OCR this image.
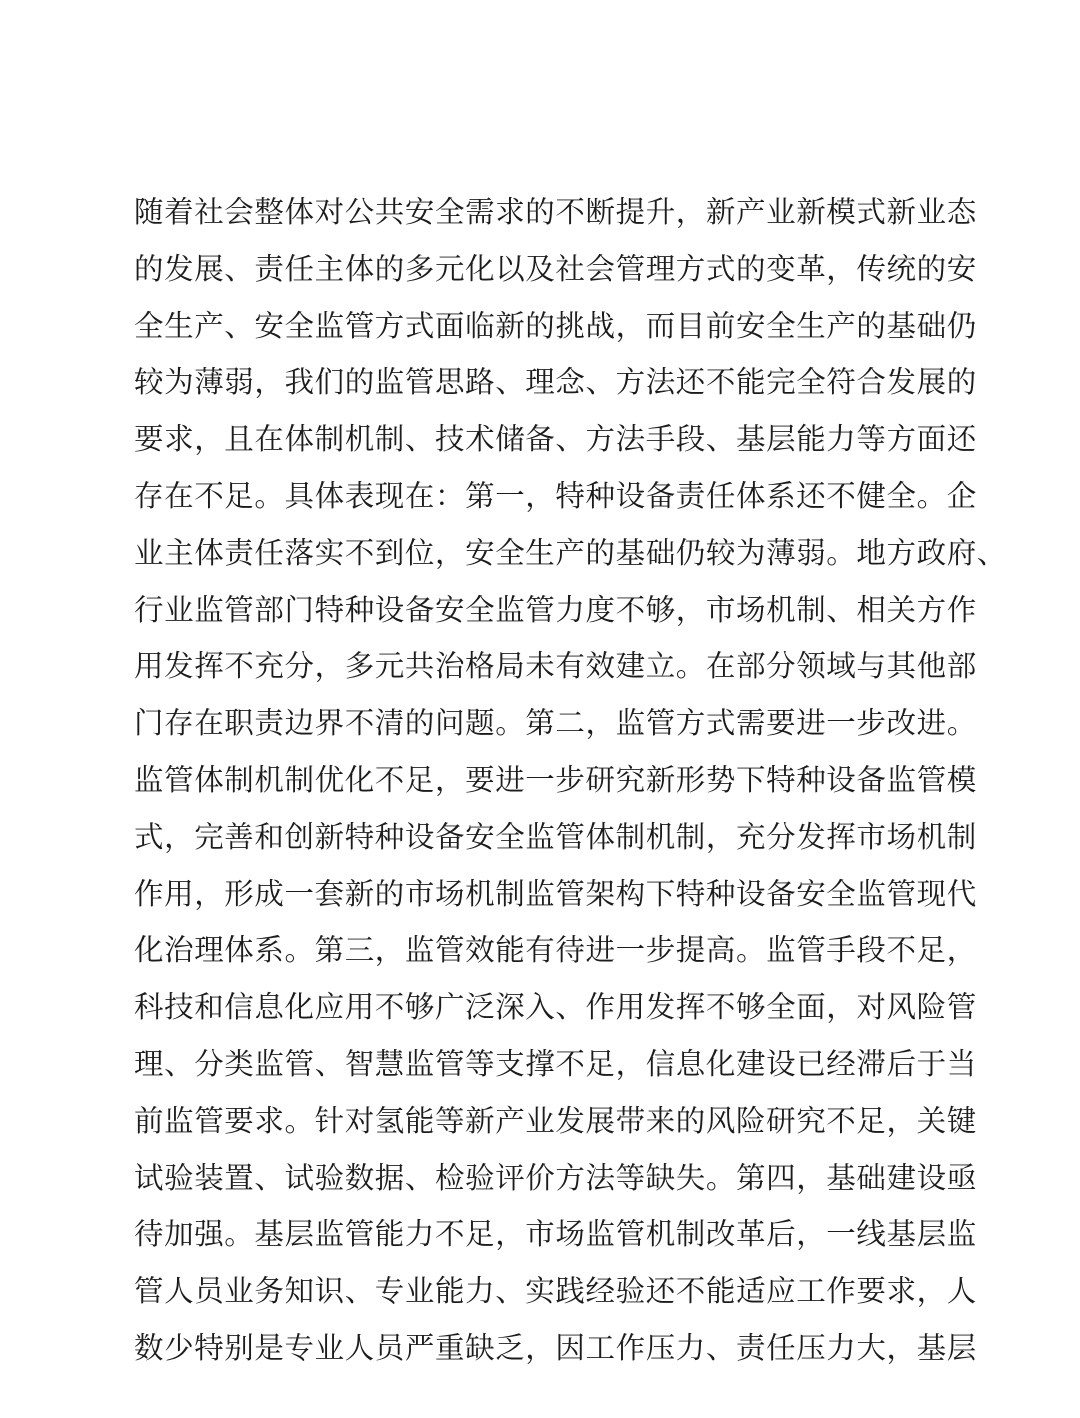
随着社会整体对公共安全需求的不断提升，新产业新模式新业态
的发展、责任主体的多元化以及社会管理方式的变革，传统的安
全生产、安全监管方式面临新的挑战，而目前安全生产的基础仍
较为薄弱，我们的监管思路、理念、方法还不能完全符合发展的
要求，且在体制机制、技术储备、方法手段、基层能力等方面还
存在不足。具体表现在：第一，特种设备责任体系还不健全。企
业主体责任落实不到位，安全生产的基础仍较为薄弱。地方政府、
行业监管部门特种设备安全监管力度不够，市场机制、相关方作
用发挥不充分，多元共治格局未有效建立。在部分领域与其他部
门存在职责边界不清的问题。第二，监管方式需要进一步改进。
监管体制机制优化不足，要进一步研究新形势下特种设备监管模
式，完善和创新特种设备安全监管体制机制，充分发挥市场机制
作用，形成一套新的市场机制监管架构下特种设备安全监管现代
化治理体系。第三，监管效能有待进一步提高。监管手段不足，
科技和信息化应用不够广泛深入、作用发挥不够全面，对风险管
理、分类监管、智慧监管等支撑不足，信息化建设已经滞后于当
前监管要求。针对氢能等新产业发展带来的风险研究不足，关键
试验装置、试验数据、检验评价方法等缺失。第四，基础建设亟
待加强。基层监管能力不足，市场监管机制改革后，一线基层监
管人员业务知识、专业能力、实践经验还不能适应工作要求，人
数少特别是专业人员严重缺乏，因工作压力、责任压力大，基层
